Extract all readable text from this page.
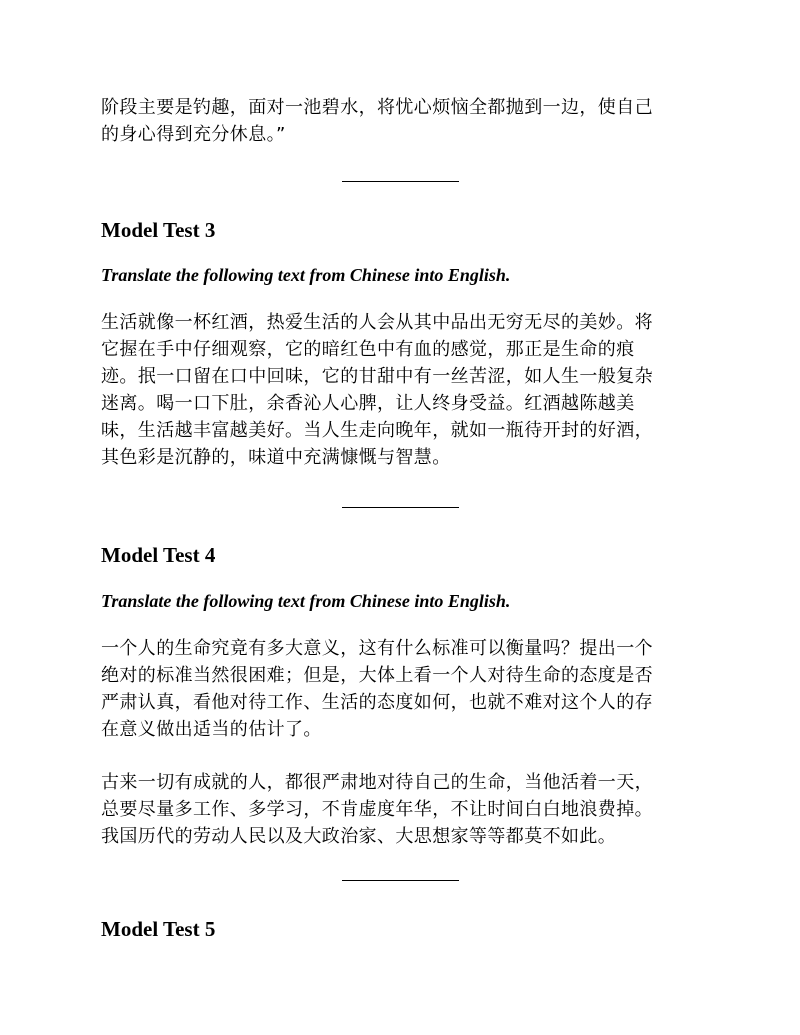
阶段主要是钓趣，面对一池碧水，将忧心烦恼全都抛到一边，使自己
的身心得到充分休息。”

Model Test 3

Translate the following text from Chinese into English.

生活就像一杯红酒，热爱生活的人会从其中品出无穷无尽的美妙。将
它握在手中仔细观察，它的暗红色中有血的感觉，那正是生命的痕
迹。抿一口留在口中回味，它的甘甜中有一丝苦涩，如人生一般复杂
迷离。喝一口下肚，余香沁人心脾，让人终身受益。红酒越陈越美
味，生活越丰富越美好。当人生走向晚年，就如一瓶待开封的好酒，
其色彩是沉静的，味道中充满慷慨与智慧。

Model Test 4

Translate the following text from Chinese into English.

一个人的生命究竟有多大意义，这有什么标准可以衡量吗？提出一个
绝对的标准当然很困难；但是，大体上看一个人对待生命的态度是否
严肃认真，看他对待工作、生活的态度如何，也就不难对这个人的存
在意义做出适当的估计了。

古来一切有成就的人，都很严肃地对待自己的生命，当他活着一天，
总要尽量多工作、多学习，不肯虚度年华，不让时间白白地浪费掉。
我国历代的劳动人民以及大政治家、大思想家等等都莫不如此。

Model Test 5
